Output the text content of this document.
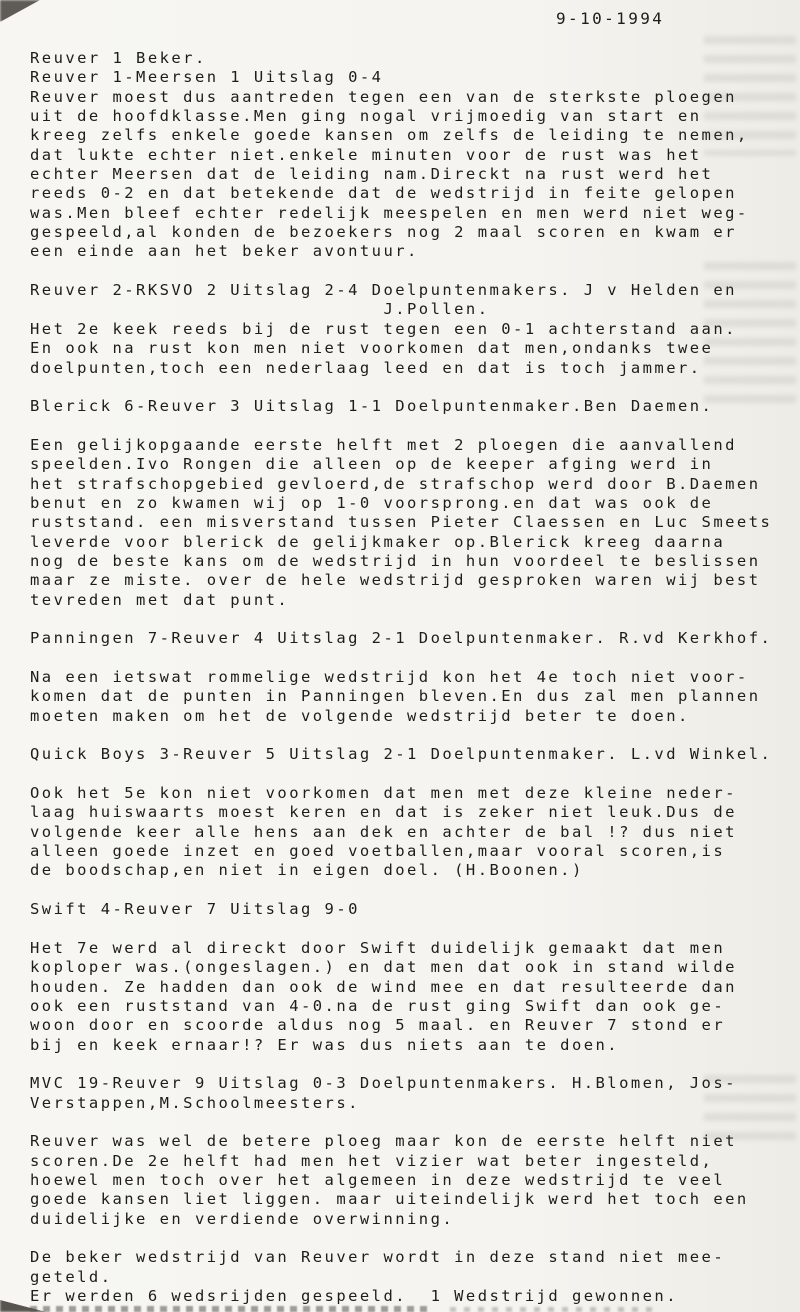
9-10-1994
Reuver 1 Beker.
Reuver 1-Meersen 1 Uitslag 0-4
Reuver moest dus aantreden tegen een van de sterkste ploegen
uit de hoofdklasse.Men ging nogal vrijmoedig van start en
kreeg zelfs enkele goede kansen om zelfs de leiding te nemen,
dat lukte echter niet.enkele minuten voor de rust was het
echter Meersen dat de leiding nam.Direckt na rust werd het
reeds 0-2 en dat betekende dat de wedstrijd in feite gelopen
was.Men bleef echter redelijk meespelen en men werd niet weg-
gespeeld,al konden de bezoekers nog 2 maal scoren en kwam er
een einde aan het beker avontuur.

Reuver 2-RKSVO 2 Uitslag 2-4 Doelpuntenmakers. J v Helden en
J.Pollen.
Het 2e keek reeds bij de rust tegen een 0-1 achterstand aan.
En ook na rust kon men niet voorkomen dat men,ondanks twee
doelpunten,toch een nederlaag leed en dat is toch jammer.

Blerick 6-Reuver 3 Uitslag 1-1 Doelpuntenmaker.Ben Daemen.

Een gelijkopgaande eerste helft met 2 ploegen die aanvallend
speelden.Ivo Rongen die alleen op de keeper afging werd in
het strafschopgebied gevloerd,de strafschop werd door B.Daemen
benut en zo kwamen wij op 1-0 voorsprong.en dat was ook de
ruststand. een misverstand tussen Pieter Claessen en Luc Smeets
leverde voor blerick de gelijkmaker op.Blerick kreeg daarna
nog de beste kans om de wedstrijd in hun voordeel te beslissen
maar ze miste. over de hele wedstrijd gesproken waren wij best
tevreden met dat punt.

Panningen 7-Reuver 4 Uitslag 2-1 Doelpuntenmaker. R.vd Kerkhof.

Na een ietswat rommelige wedstrijd kon het 4e toch niet voor-
komen dat de punten in Panningen bleven.En dus zal men plannen
moeten maken om het de volgende wedstrijd beter te doen.

Quick Boys 3-Reuver 5 Uitslag 2-1 Doelpuntenmaker. L.vd Winkel.

Ook het 5e kon niet voorkomen dat men met deze kleine neder-
laag huiswaarts moest keren en dat is zeker niet leuk.Dus de
volgende keer alle hens aan dek en achter de bal !? dus niet
alleen goede inzet en goed voetballen,maar vooral scoren,is
de boodschap,en niet in eigen doel. (H.Boonen.)

Swift 4-Reuver 7 Uitslag 9-0

Het 7e werd al direckt door Swift duidelijk gemaakt dat men
koploper was.(ongeslagen.) en dat men dat ook in stand wilde
houden. Ze hadden dan ook de wind mee en dat resulteerde dan
ook een ruststand van 4-0.na de rust ging Swift dan ook ge-
woon door en scoorde aldus nog 5 maal. en Reuver 7 stond er
bij en keek ernaar!? Er was dus niets aan te doen.

MVC 19-Reuver 9 Uitslag 0-3 Doelpuntenmakers. H.Blomen, Jos-
Verstappen,M.Schoolmeesters.

Reuver was wel de betere ploeg maar kon de eerste helft niet
scoren.De 2e helft had men het vizier wat beter ingesteld,
hoewel men toch over het algemeen in deze wedstrijd te veel
goede kansen liet liggen. maar uiteindelijk werd het toch een
duidelijke en verdiende overwinning.

De beker wedstrijd van Reuver wordt in deze stand niet mee-
geteld.
Er werden 6 wedsrijden gespeeld.  1 Wedstrijd gewonnen.
